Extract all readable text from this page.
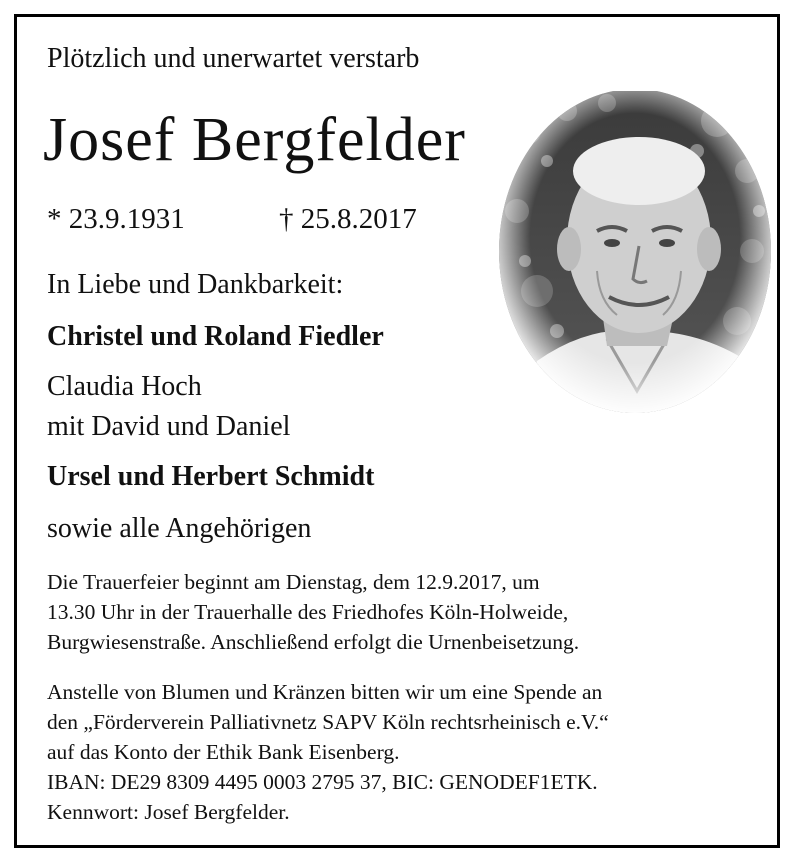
Plötzlich und unerwartet verstarb
Josef Bergfelder
* 23.9.1931	† 25.8.2017
In Liebe und Dankbarkeit:
Christel und Roland Fiedler
Claudia Hoch
mit David und Daniel
Ursel und Herbert Schmidt
sowie alle Angehörigen
Die Trauerfeier beginnt am Dienstag, dem 12.9.2017, um
13.30 Uhr in der Trauerhalle des Friedhofes Köln-Holweide,
Burgwiesenstraße. Anschließend erfolgt die Urnenbeisetzung.
Anstelle von Blumen und Kränzen bitten wir um eine Spende an
den „Förderverein Palliativnetz SAPV Köln rechtsrheinisch e.V.“
auf das Konto der Ethik Bank Eisenberg.
IBAN: DE29 8309 4495 0003 2795 37, BIC: GENODEF1ETK.
Kennwort: Josef Bergfelder.
